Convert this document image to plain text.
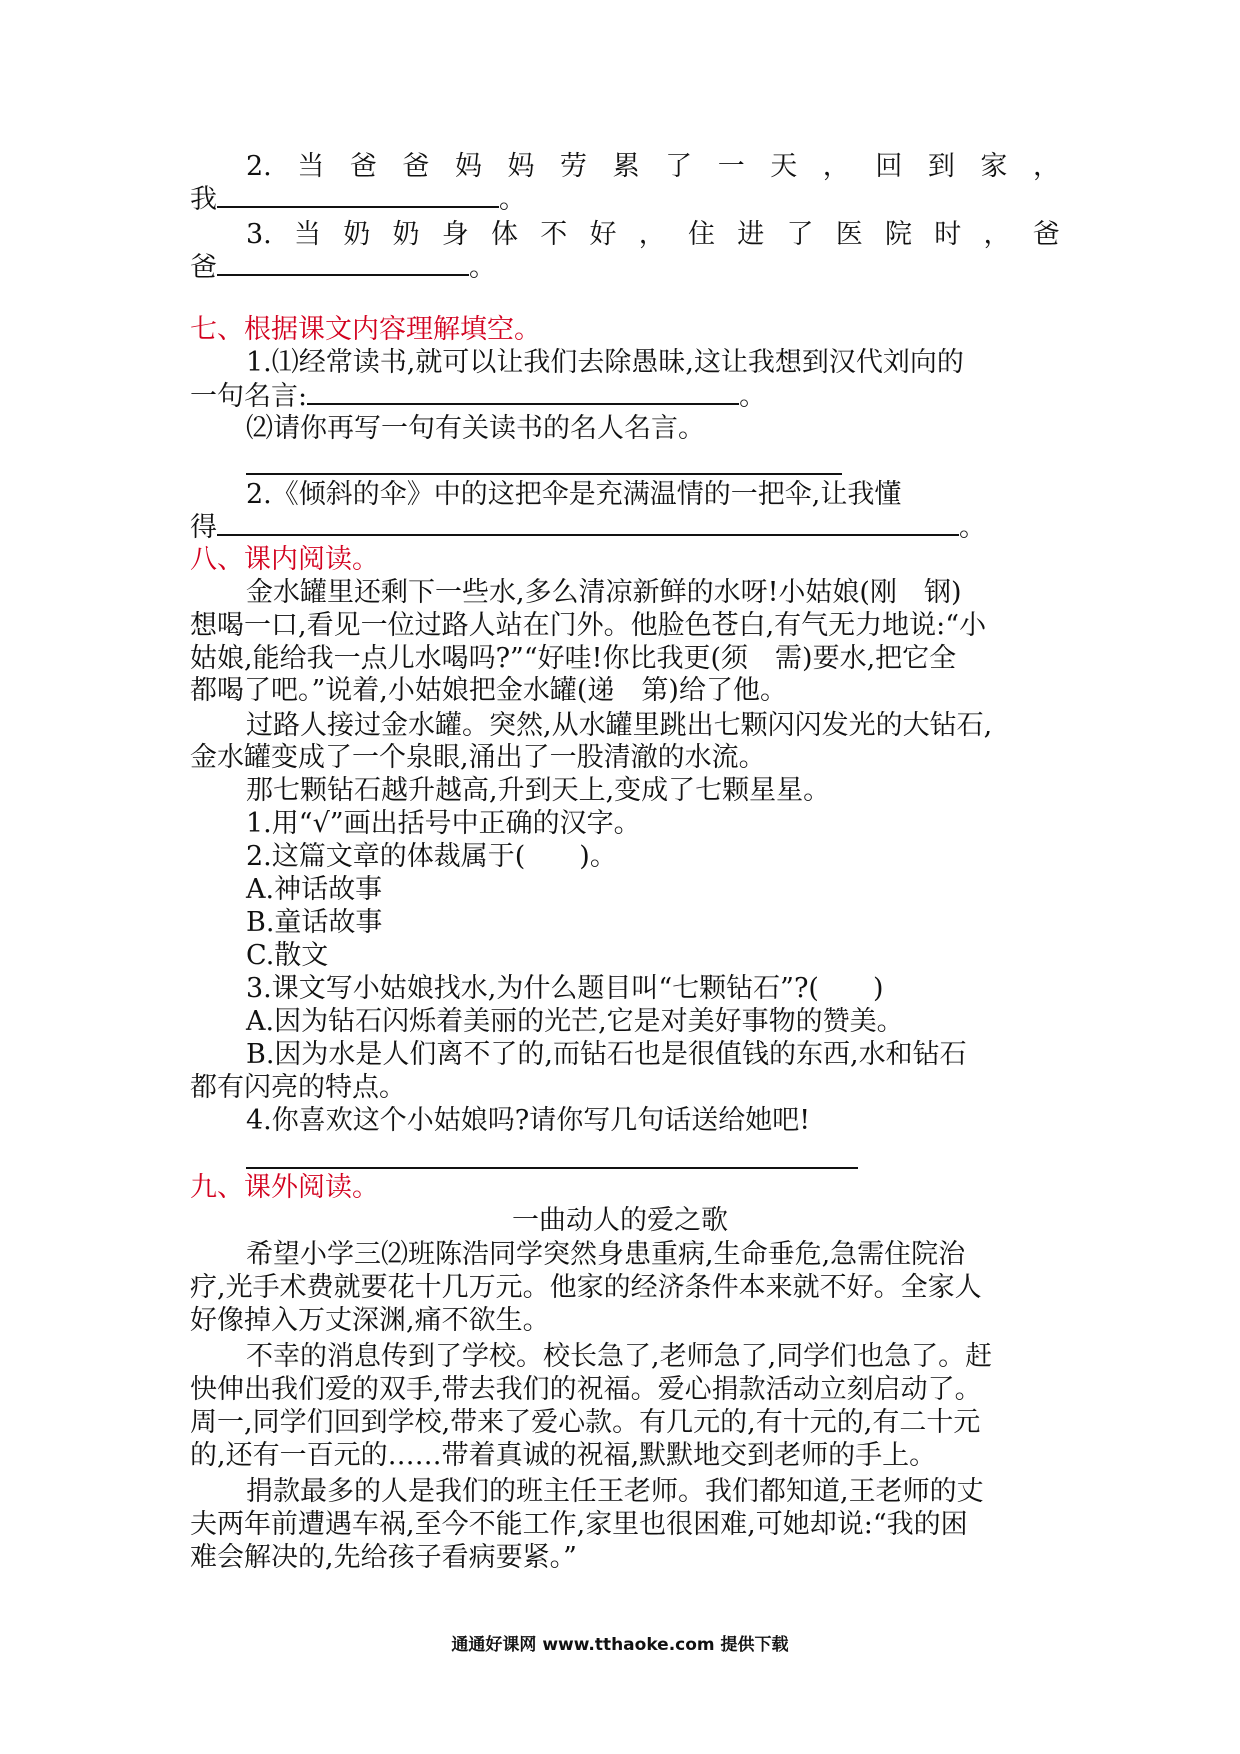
2. 当 爸 爸 妈 妈 劳 累 了 一 天 ， 回 到 家 ，
我	。
3. 当 奶 奶 身 体 不 好 ， 住 进 了 医 院 时 ， 爸
爸	。
七、根据课文内容理解填空。
1.⑴经常读书,就可以让我们去除愚昧,这让我想到汉代刘向的
一句名言:	。
⑵请你再写一句有关读书的名人名言。
2.《倾斜的伞》中的这把伞是充满温情的一把伞,让我懂
得	。
八、课内阅读。
金水罐里还剩下一些水,多么清凉新鲜的水呀!小姑娘(刚　钢)
想喝一口,看见一位过路人站在门外。他脸色苍白,有气无力地说:“小
姑娘,能给我一点儿水喝吗?”“好哇!你比我更(须　需)要水,把它全
都喝了吧。”说着,小姑娘把金水罐(递　第)给了他。
过路人接过金水罐。突然,从水罐里跳出七颗闪闪发光的大钻石,
金水罐变成了一个泉眼,涌出了一股清澈的水流。
那七颗钻石越升越高,升到天上,变成了七颗星星。
1.用“√”画出括号中正确的汉字。
2.这篇文章的体裁属于(　　)。
A.神话故事
B.童话故事
C.散文
3.课文写小姑娘找水,为什么题目叫“七颗钻石”?(　　)
A.因为钻石闪烁着美丽的光芒,它是对美好事物的赞美。
B.因为水是人们离不了的,而钻石也是很值钱的东西,水和钻石
都有闪亮的特点。
4.你喜欢这个小姑娘吗?请你写几句话送给她吧!
九、课外阅读。
一曲动人的爱之歌
希望小学三⑵班陈浩同学突然身患重病,生命垂危,急需住院治
疗,光手术费就要花十几万元。他家的经济条件本来就不好。全家人
好像掉入万丈深渊,痛不欲生。
不幸的消息传到了学校。校长急了,老师急了,同学们也急了。赶
快伸出我们爱的双手,带去我们的祝福。爱心捐款活动立刻启动了。
周一,同学们回到学校,带来了爱心款。有几元的,有十元的,有二十元
的,还有一百元的……带着真诚的祝福,默默地交到老师的手上。
捐款最多的人是我们的班主任王老师。我们都知道,王老师的丈
夫两年前遭遇车祸,至今不能工作,家里也很困难,可她却说:“我的困
难会解决的,先给孩子看病要紧。”
通通好课网 www.tthaoke.com 提供下载
